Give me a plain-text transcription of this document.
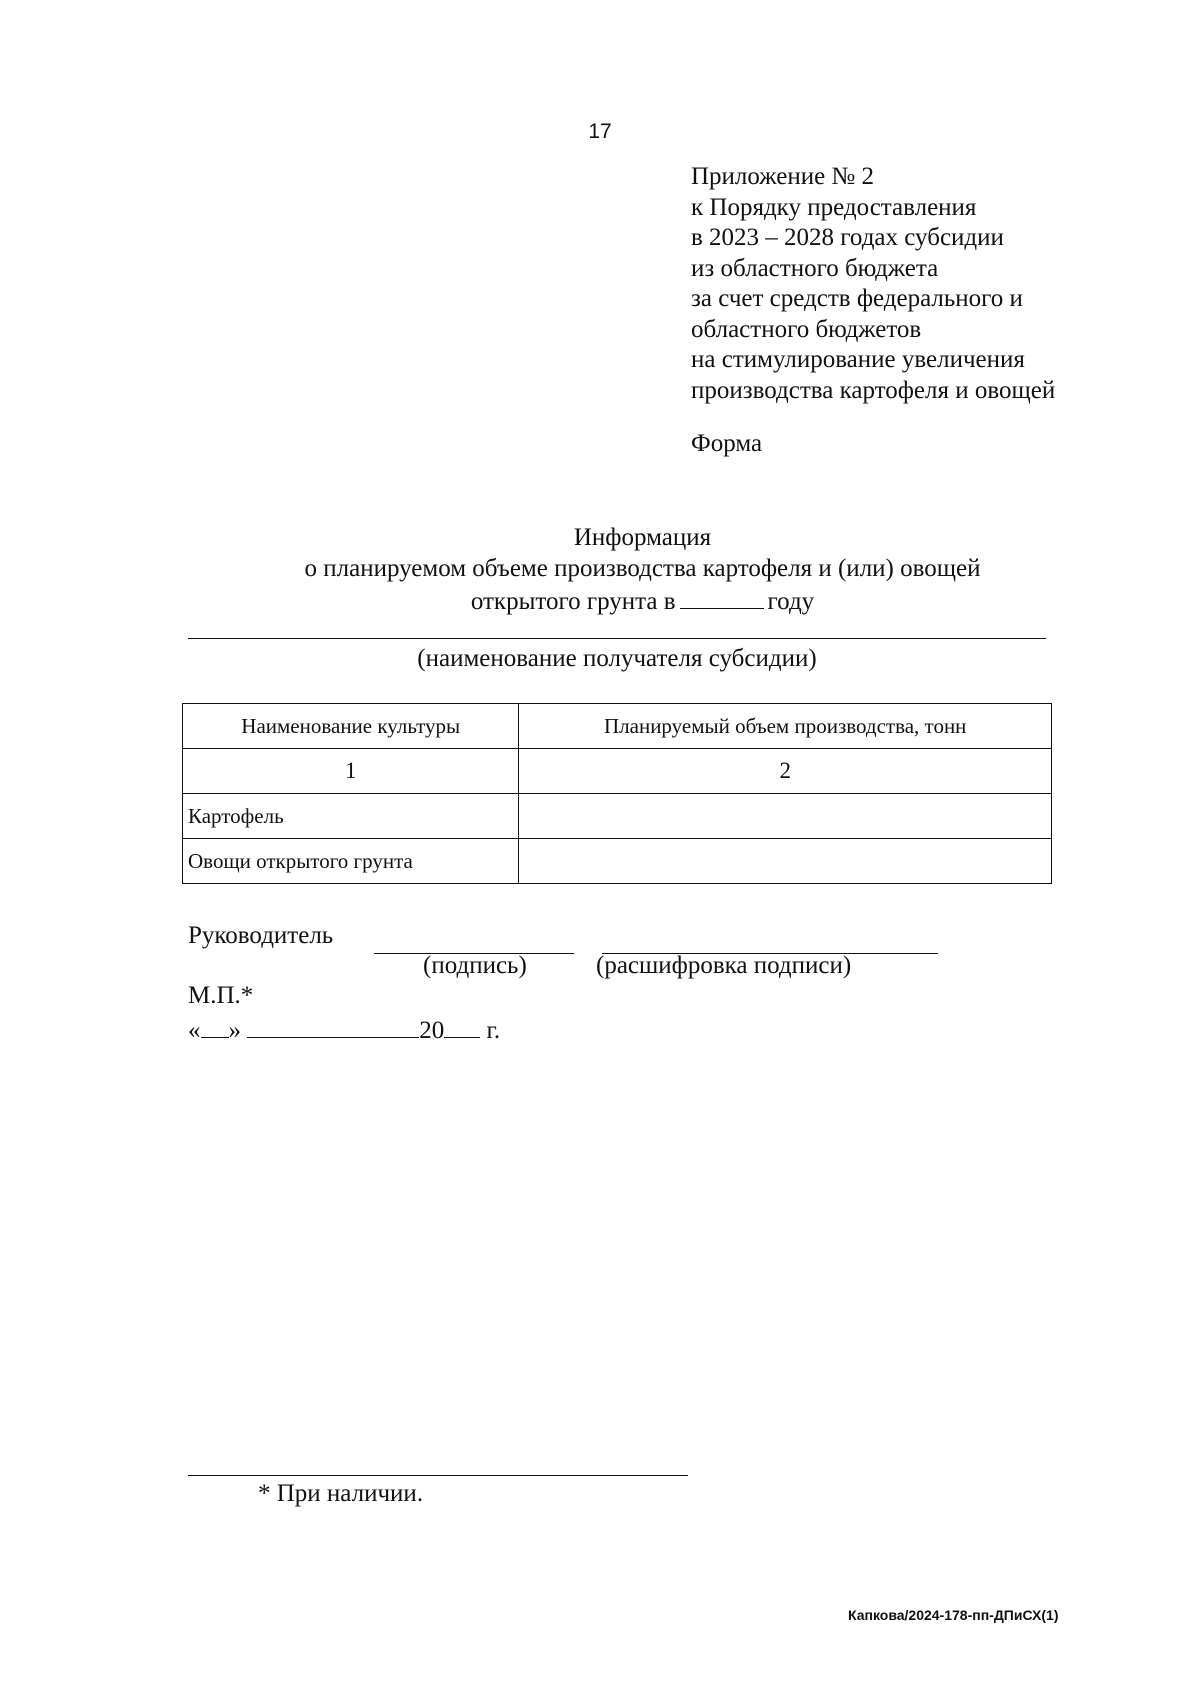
17
Приложение № 2
к Порядку предоставления
в 2023 – 2028 годах субсидии
из областного бюджета
за счет средств федерального и
областного бюджетов
на стимулирование увеличения
производства картофеля и овощей
Форма
Информация
о планируемом объеме производства картофеля и (или) овощей
открытого грунта в	году
(наименование получателя субсидии)
Наименование культуры	Планируемый объем производства, тонн
1	2
Картофель	
Овощи открытого грунта	
Руководитель
(подпись)	(расшифровка подписи)
М.П.*
« »	20 г.
* При наличии.
Капкова/2024-178-пп-ДПиСХ(1)
